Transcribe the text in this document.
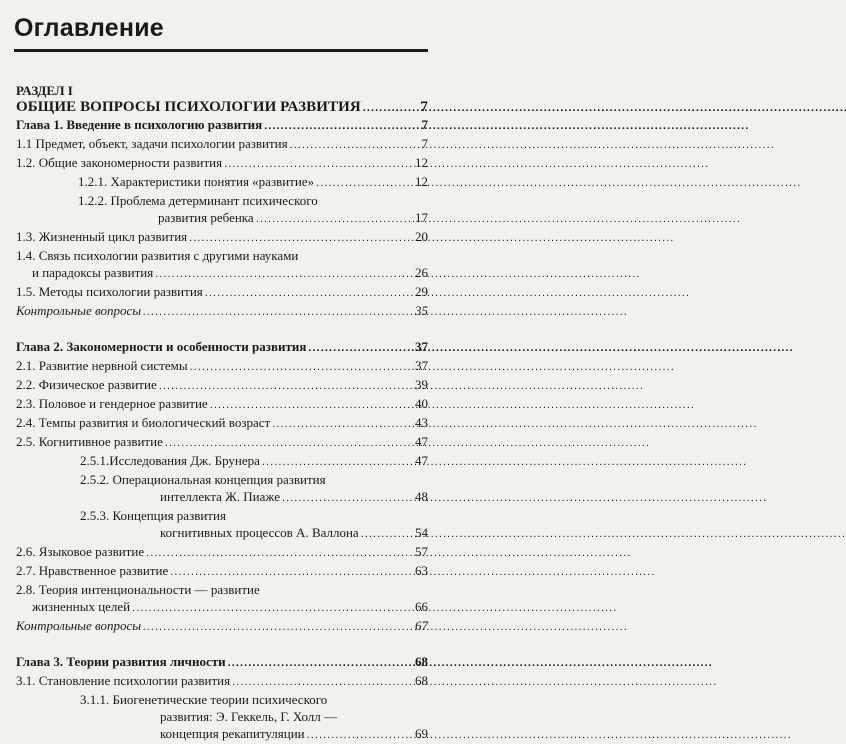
Оглавление
РАЗДЕЛ I
ОБЩИЕ ВОПРОСЫ ПСИХОЛОГИИ РАЗВИТИЯ . . .	7
Глава 1. Введение в психологию развития . . .	7
1.1 Предмет, объект, задачи психологии развития . . .	7
1.2. Общие закономерности развития . . .	12
1.2.1. Характеристики понятия «развитие» . . .	12
1.2.2. Проблема детерминант психического
развития ребенка . . .	17
1.3. Жизненный цикл развития . . .	20
1.4. Связь психологии развития с другими науками
и парадоксы развития . . .	26
1.5. Методы психологии развития . . .	29
Контрольные вопросы . . .	35
Глава 2. Закономерности и особенности развития . . .	37
2.1. Развитие нервной системы . . .	37
2.2. Физическое развитие . . .	39
2.3. Половое и гендерное развитие . . .	40
2.4. Темпы развития и биологический возраст . . .	43
2.5. Когнитивное развитие . . .	47
2.5.1.Исследования Дж. Брунера . . .	47
2.5.2. Операциональная концепция развития
интеллекта Ж. Пиаже . . .	48
2.5.3. Концепция развития
когнитивных процессов А. Валлона . . .	54
2.6. Языковое развитие . . .	57
2.7. Нравственное развитие . . .	63
2.8. Теория интенциональности — развитие
жизненных целей . . .	66
Контрольные вопросы . . .	67
Глава 3. Теории развития личности . . .	68
3.1. Становление психологии развития . . .	68
3.1.1. Биогенетические теории психического
развития: Э. Геккель, Г. Холл —
концепция рекапитуляции . . .	69
